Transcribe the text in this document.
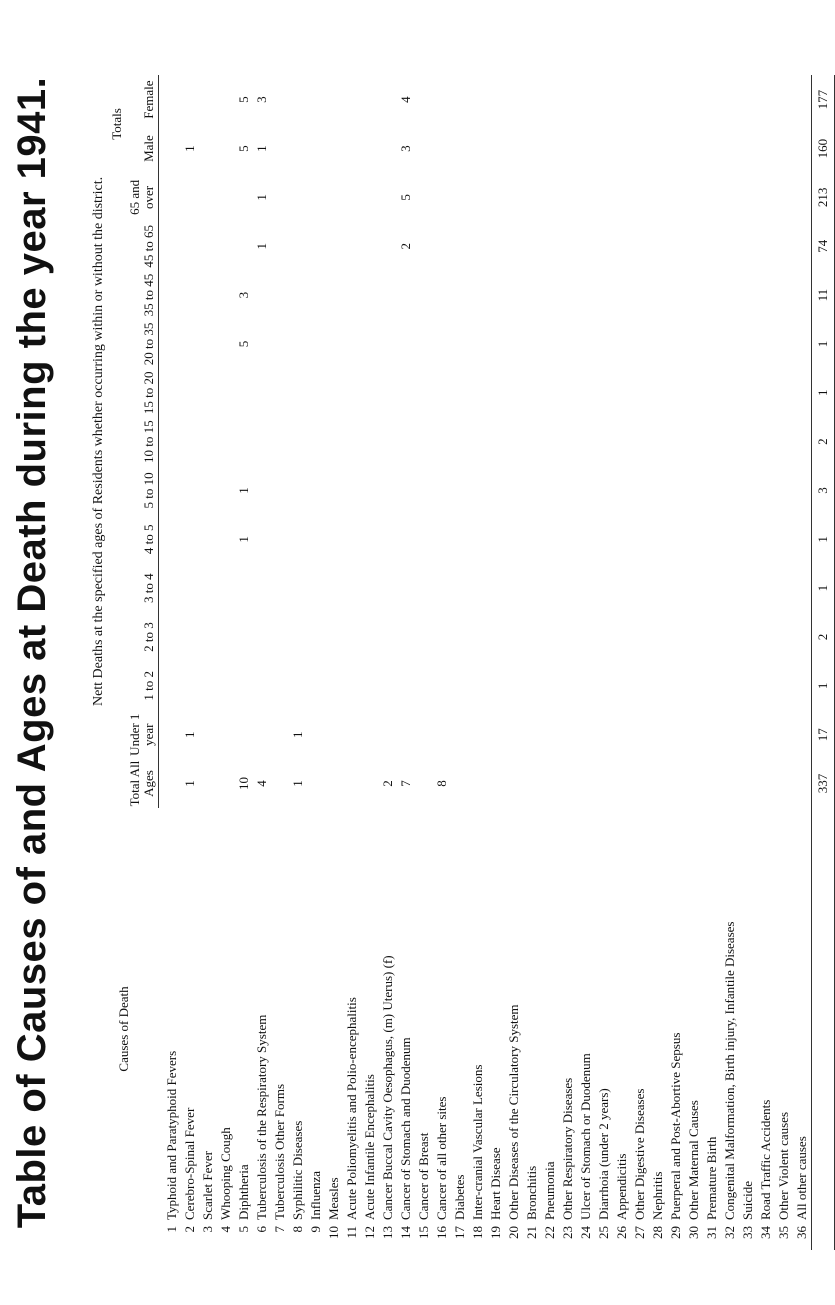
Table of Causes of and Ages at Death during the year 1941.	Causes of Death	Nett Deaths at the specified ages of Residents whether occurring within or without the district.														
														Totals	
	Total All Ages	Under 1 year	1 to 2	2 to 3	3 to 4	4 to 5	5 to 10	10 to 15	15 to 20	20 to 35	35 to 45	45 to 65	65 and over	Male	Female
1Typhoid and Paratyphoid Fevers															
2Cerebro-Spinal Fever	1	1												1	
3Scarlet Fever															
4Whooping Cough															
5Diphtheria	10					1	1			5	3			5	5
6Tuberculosis of the Respiratory System	4											1	1	1	3
7Tuberculosis Other Forms															
8Syphilitic Diseases	1	1													
9Influenza															
10Measles															
11Acute Poliomyelitis and Polio-encephalitis															
12Acute Infantile Encephalitis															
13Cancer Buccal Cavity Oesophagus, (m) Uterus) (f)	2														
14Cancer of Stomach and Duodenum	7											2	5	3	4
15Cancer of Breast															
16Cancer of all other sites	8														
17Diabetes															
18Inter-cranial Vascular Lesions															
19Heart Disease															
20Other Diseases of the Circulatory System															
21Bronchitis															
22Pneumonia															
23Other Respiratory Diseases															
24Ulcer of Stomach or Duodenum															
25Diarrhoia (under 2 years)															
26Appendicitis															
27Other Digestive Diseases															
28Nephritis															
29Puerperal and Post-Abortive Sepsus															
30Other Maternal Causes															
31Premature Birth															
32Congenital Malformation, Birth injury, Infantile Diseases															
33Suicide															
34Road Traffic Accidents															
35Other Violent causes															
36All other causes															
	337	17	1	2	1	1	3	2	1	1	11	74	213	160	177
